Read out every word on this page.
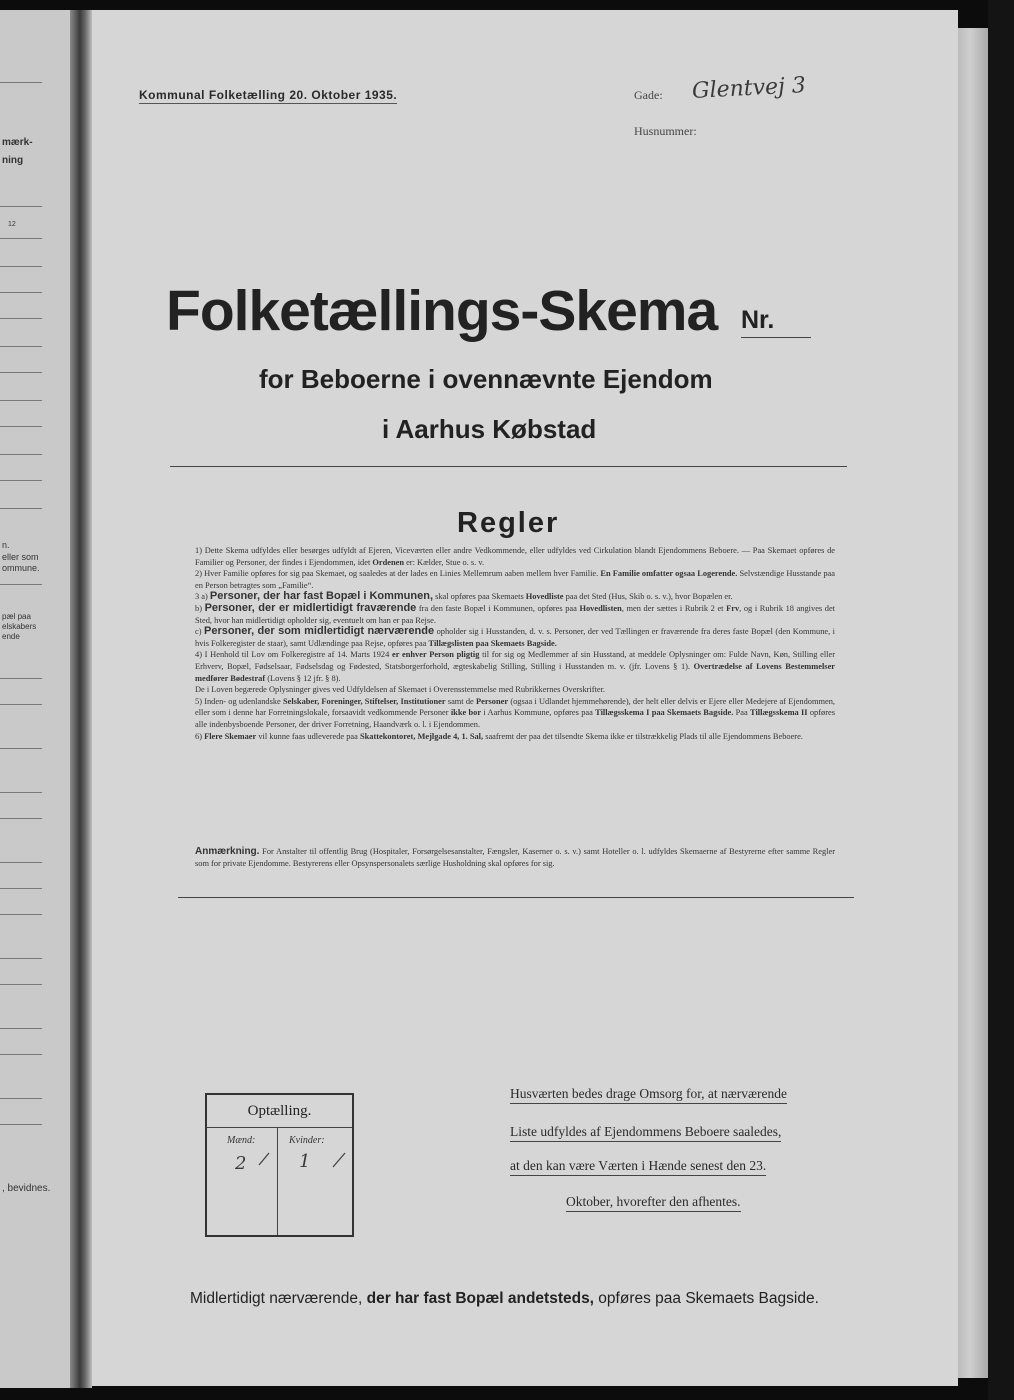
mærk-
ning
12
n.
eller som
ommune.
pæl paa
elskabers
ende
, bevidnes.
Kommunal Folketælling 20. Oktober 1935.	Gade: Glentvej 3
Husnummer:
Folketællings-Skema Nr.
for Beboerne i ovennævnte Ejendom
i Aarhus Købstad
Regler

1) Dette Skema udfyldes eller besørges udfyldt af Ejeren, Viceværten eller andre Vedkommende, eller udfyldes ved Cirkulation blandt Ejendommens Beboere. — Paa Skemaet opføres de Familier og Personer, der findes i Ejendommen, idet Ordenen er: Kælder, Stue o. s. v.

2) Hver Familie opføres for sig paa Skemaet, og saaledes at der lades en Linies Mellemrum aaben mellem hver Familie. En Familie omfatter ogsaa Logerende. Selvstændige Husstande paa en Person betragtes som „Familie“.

3 a) Personer, der har fast Bopæl i Kommunen, skal opføres paa Skemaets Hovedliste paa det Sted (Hus, Skib o. s. v.), hvor Bopælen er.

b) Personer, der er midlertidigt fraværende fra den faste Bopæl i Kommunen, opføres paa Hovedlisten, men der sættes i Rubrik 2 et Frv, og i Rubrik 18 angives det Sted, hvor han midlertidigt opholder sig, eventuelt om han er paa Rejse.

c) Personer, der som midlertidigt nærværende opholder sig i Husstanden, d. v. s. Personer, der ved Tællingen er fraværende fra deres faste Bopæl (den Kommune, i hvis Folkeregister de staar), samt Udlændinge paa Rejse, opføres paa Tillægslisten paa Skemaets Bagside.

4) I Henhold til Lov om Folkeregistre af 14. Marts 1924 er enhver Person pligtig til for sig og Medlemmer af sin Husstand, at meddele Oplysninger om: Fulde Navn, Køn, Stilling eller Erhverv, Bopæl, Fødselsaar, Fødselsdag og Fødested, Statsborgerforhold, ægteskabelig Stilling, Stilling i Husstanden m. v. (jfr. Lovens § 1). Overtrædelse af Lovens Bestemmelser medfører Bødestraf (Lovens § 12 jfr. § 8).

De i Loven begærede Oplysninger gives ved Udfyldelsen af Skemaet i Overensstemmelse med Rubrikkernes Overskrifter.

5) Inden- og udenlandske Selskaber, Foreninger, Stiftelser, Institutioner samt de Personer (ogsaa i Udlandet hjemmehørende), der helt eller delvis er Ejere eller Medejere af Ejendommen, eller som i denne har Forretningslokale, forsaavidt vedkommende Personer ikke bor i Aarhus Kommune, opføres paa Tillægsskema I paa Skemaets Bagside. Paa Tillægsskema II opføres alle indenbysboende Personer, der driver Forretning, Haandværk o. l. i Ejendommen.

6) Flere Skemaer vil kunne faas udleverede paa Skattekontoret, Mejlgade 4, 1. Sal, saafremt der paa det tilsendte Skema ikke er tilstrækkelig Plads til alle Ejendommens Beboere.

Anmærkning. For Anstalter til offentlig Brug (Hospitaler, Forsørgelsesanstalter, Fængsler, Kaserner o. s. v.) samt Hoteller o. l. udfyldes Skemaerne af Bestyrerne efter samme Regler som for private Ejendomme. Bestyrerens eller Opsynspersonalets særlige Husholdning skal opføres for sig.
Optælling.
Mænd:	Kvinder:
2	1
Husværten bedes drage Omsorg for, at nærværende
Liste udfyldes af Ejendommens Beboere saaledes,
at den kan være Værten i Hænde senest den 23.
Oktober, hvorefter den afhentes.
Midlertidigt nærværende, der har fast Bopæl andetsteds, opføres paa Skemaets Bagside.
